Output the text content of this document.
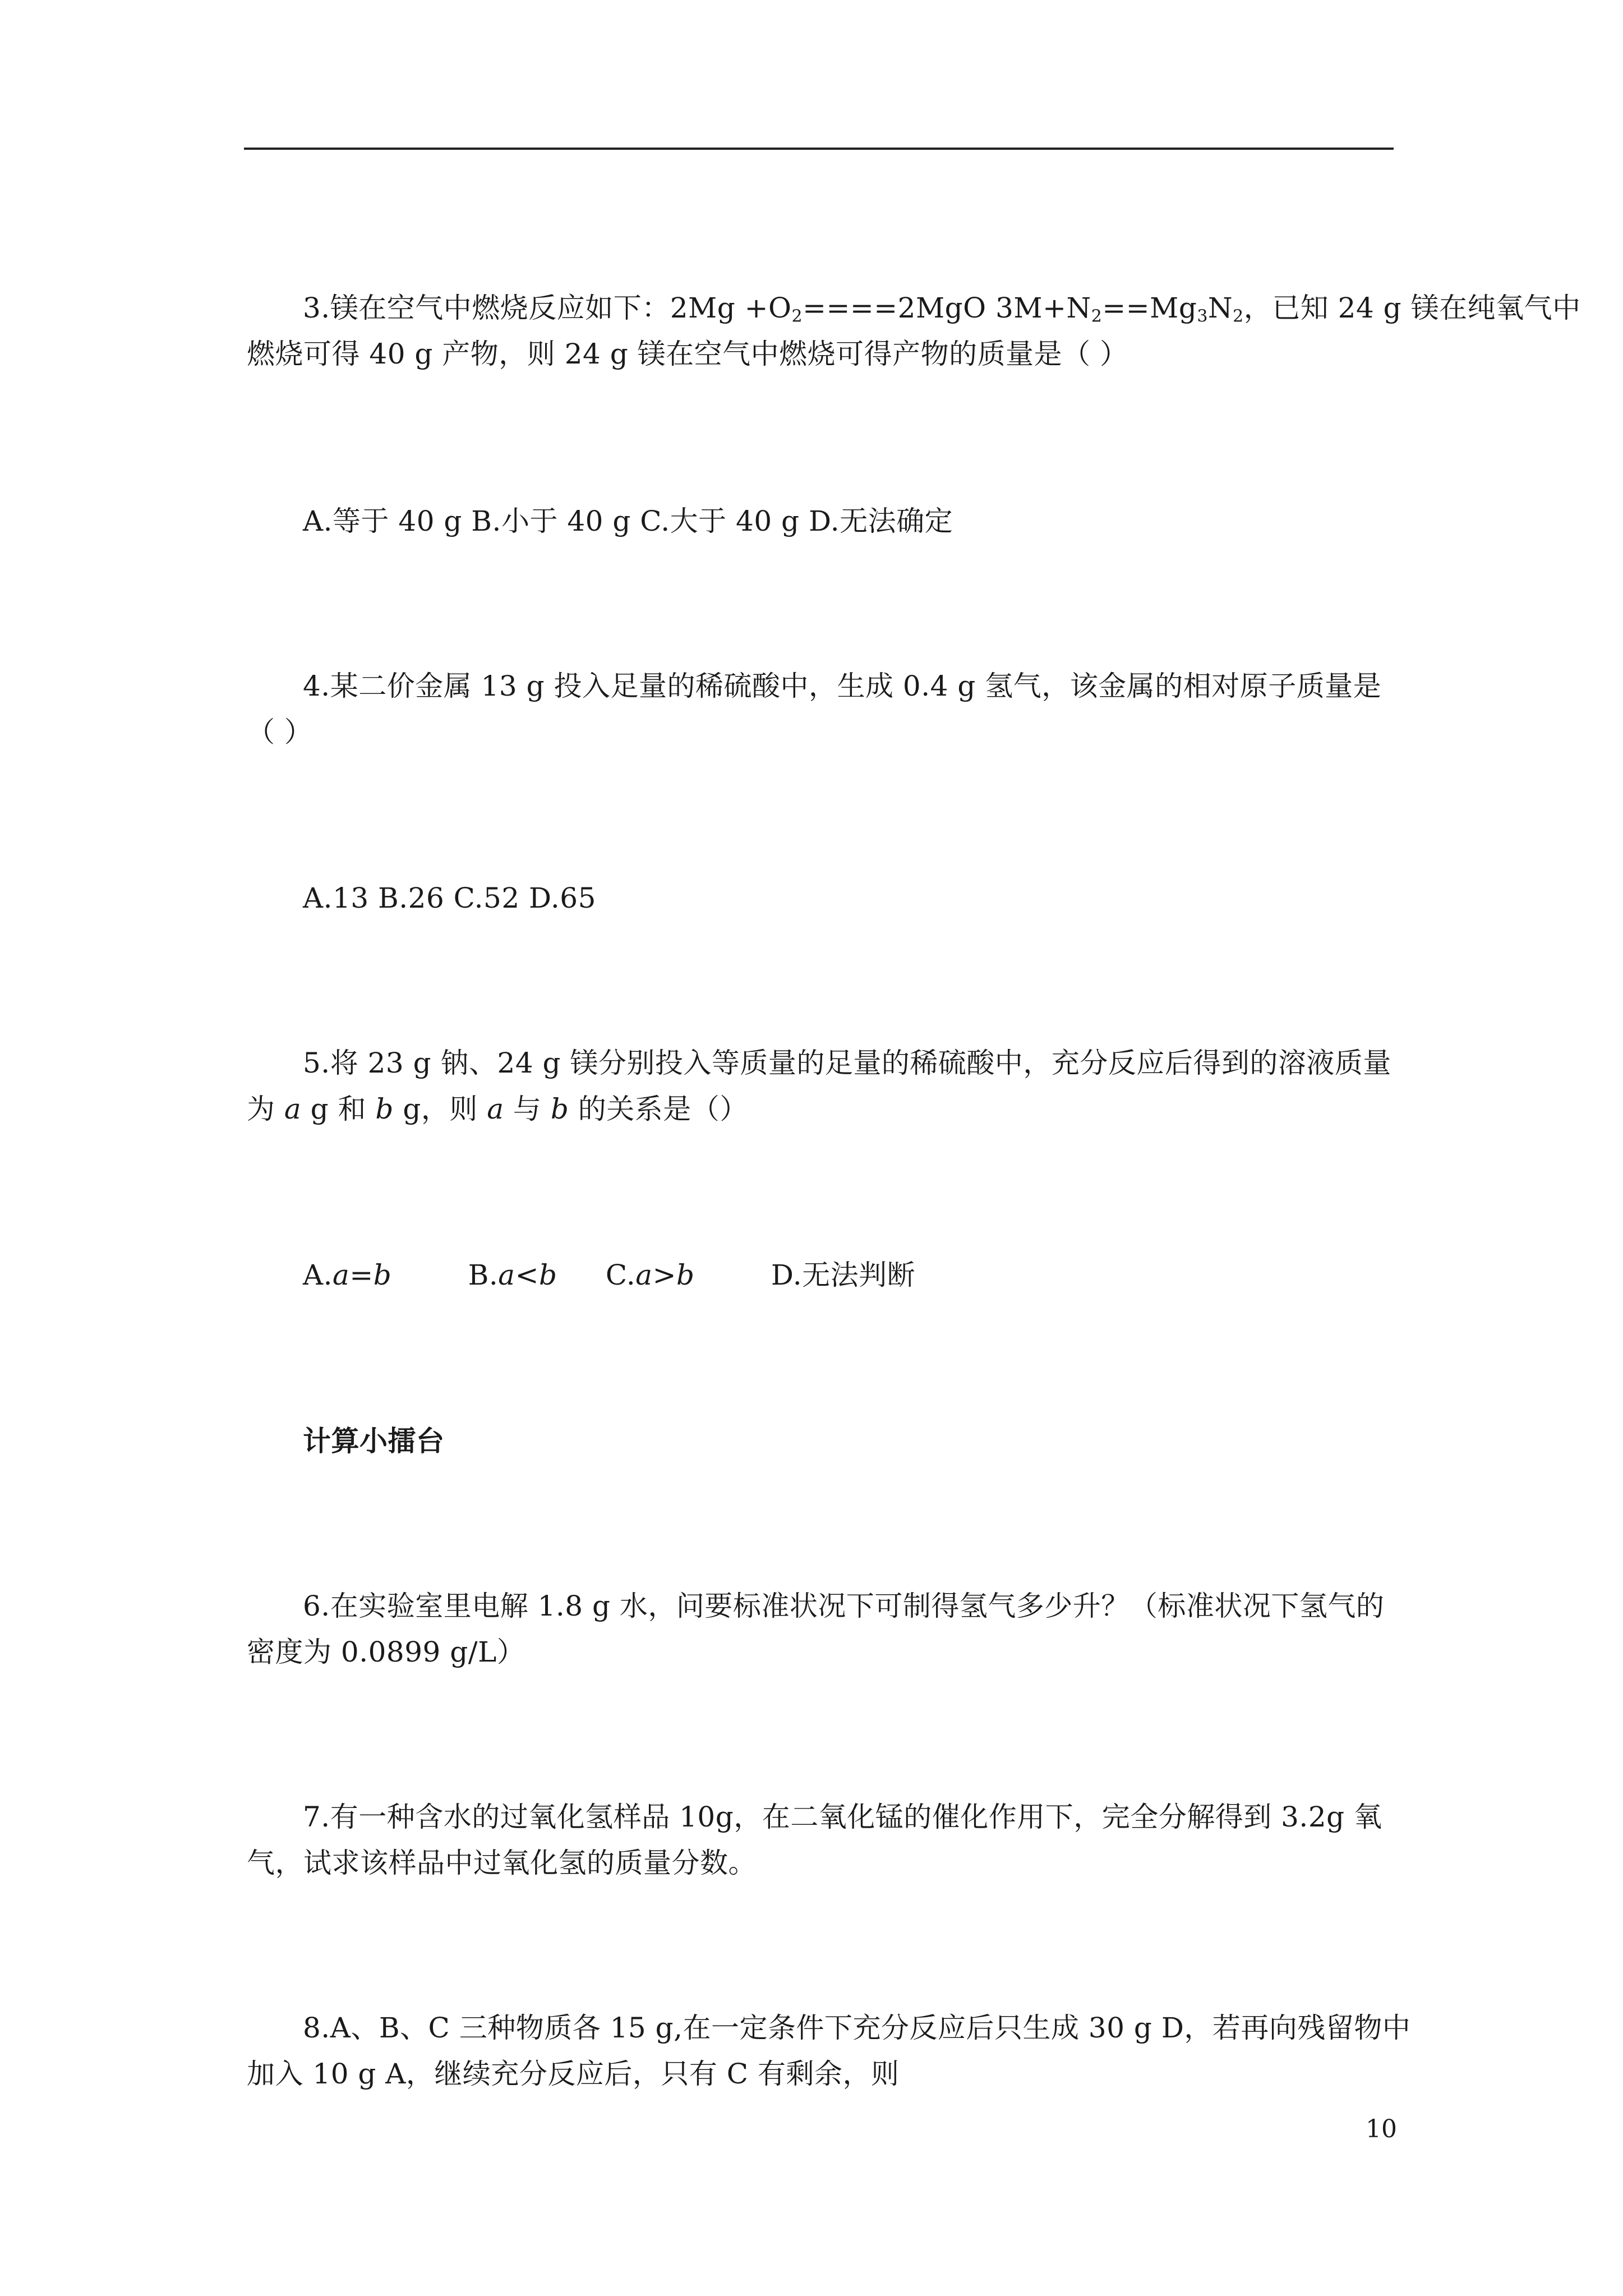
3.镁在空气中燃烧反应如下：$2Mg +O_2====2MgO$ $3M+N_2==Mg_3N_2$，已知 24 g 镁在纯氧气中
燃烧可得 40 g 产物，则 24 g 镁在空气中燃烧可得产物的质量是（ ）
A.等于 40 g B.小于 40 g C.大于 40 g D.无法确定
4.某二价金属 13 g 投入足量的稀硫酸中，生成 0.4 g 氢气，该金属的相对原子质量是
（ ）
A.13 B.26 C.52 D.65
5.将 23 g 钠、24 g 镁分别投入等质量的足量的稀硫酸中，充分反应后得到的溶液质量
为 a g 和 b g，则 a 与 b 的关系是（）
A.a=b	B.a<b C.a>b	D.无法判断
计算小擂台
6.在实验室里电解 1.8 g 水，问要标准状况下可制得氢气多少升？（标准状况下氢气的
密度为 0.0899 g/L）
7.有一种含水的过氧化氢样品 10g，在二氧化锰的催化作用下，完全分解得到 3.2g 氧
气，试求该样品中过氧化氢的质量分数。
8.A、B、C 三种物质各 15 g,在一定条件下充分反应后只生成 30 g D，若再向残留物中
加入 10 g A，继续充分反应后，只有 C 有剩余，则
10
